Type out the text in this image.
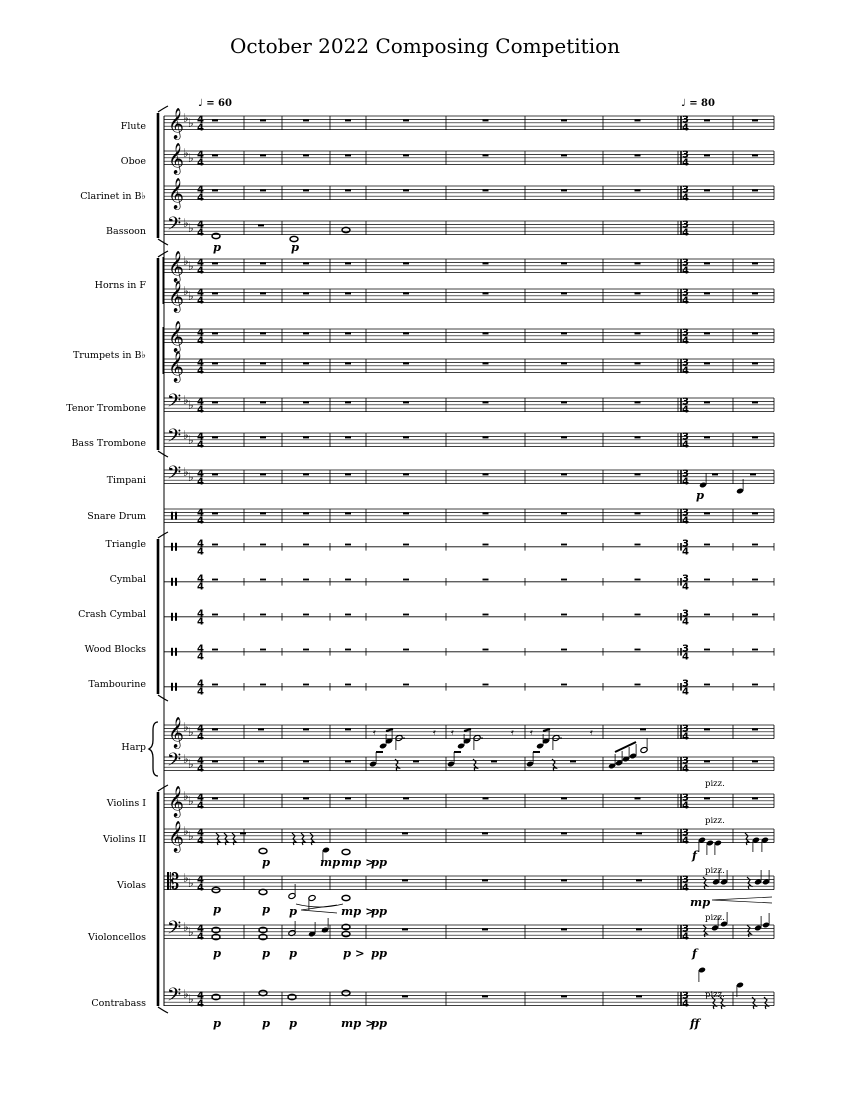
October 2022 Composing Competition
♩ = 60	♩ = 80
Flute
Oboe
Clarinet in B♭
Bassoon
Horns in F
Trumpets in B♭
Tenor Trombone
Bass Trombone
Timpani
Snare Drum
Triangle
Cymbal
Crash Cymbal
Wood Blocks
Tambourine
Harp
Violins I
Violins II
Violas
Violoncellos
Contrabass
p	p
p
p	mp mp >
pp	f
p	p p	mp >
pp
mp
p	p p	p > pp	f
p	p p	mp >
pp	ff
pizz.
pizz.
pizz.
pizz.
pizz.
𝄞 ♭ ♭ 4
4
3
4
𝄞 ♭ ♭ 4
4
3
4
𝄞 4
4
3
4
𝄢 ♭ ♭ 4
4
3
4
𝄞 ♭ ♭ 4
4
3
4
𝄞 ♭ ♭ 4
4
3
4
𝄞 4
4
3
4
𝄞 4
4
3
4
𝄢 ♭ ♭ 4
4
3
4
𝄢 ♭ ♭ 4
4
3
4
𝄢 ♭ ♭ 4
4
3
4
4
4
3
4
4
4
3
4
4
4
3
4
4
4
3
4
4
4
3
4
4
4
3
4
𝄞 ♭ ♭ 4
4
3
4
𝄢 ♭ ♭ 4
4
3
4
𝄞 ♭ ♭ 4
4
3
4
𝄞 ♭ ♭ 4
4
3
4
𝄡 ♭ ♭ 4
4
3
4
𝄢 ♭ ♭ 4
4
3
4
𝄢 ♭ ♭ 4
4
3
4
𝄿	𝄿 𝄿	𝄿 𝄿	𝄿
